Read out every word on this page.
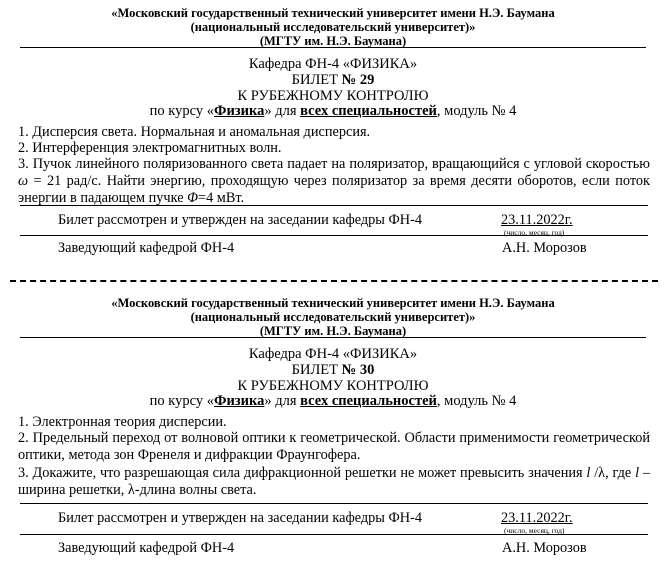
«Московский государственный технический университет имени Н.Э. Баумана
(национальный исследовательский университет)»
(МГТУ им. Н.Э. Баумана)
Кафедра ФН-4 «ФИЗИКА»
БИЛЕТ № 29
К РУБЕЖНОМУ КОНТРОЛЮ
по курсу «Физика» для всех специальностей, модуль № 4
1. Дисперсия света. Нормальная и аномальная дисперсия.
2. Интерференция электромагнитных волн.
3. Пучок линейного поляризованного света падает на поляризатор, вращающийся с угловой скоростью ω = 21 рад/с. Найти энергию, проходящую через поляризатор за время десяти оборотов, если поток энергии в падающем пучке Φ=4 мВт.
Билет рассмотрен и утвержден на заседании кафедры ФН-4	23.11.2022г.
(число, месяц, год)
Заведующий кафедрой ФН-4	А.Н. Морозов
«Московский государственный технический университет имени Н.Э. Баумана
(национальный исследовательский университет)»
(МГТУ им. Н.Э. Баумана)
Кафедра ФН-4 «ФИЗИКА»
БИЛЕТ № 30
К РУБЕЖНОМУ КОНТРОЛЮ
по курсу «Физика» для всех специальностей, модуль № 4
1. Электронная теория дисперсии.
2. Предельный переход от волновой оптики к геометрической. Области применимости геометрической оптики, метода зон Френеля и дифракции Фраунгофера.
3. Докажите, что разрешающая сила дифракционной решетки не может превысить значения l /λ, где l – ширина решетки, λ-длина волны света.
Билет рассмотрен и утвержден на заседании кафедры ФН-4	23.11.2022г.
(число, месяц, год)
Заведующий кафедрой ФН-4	А.Н. Морозов
